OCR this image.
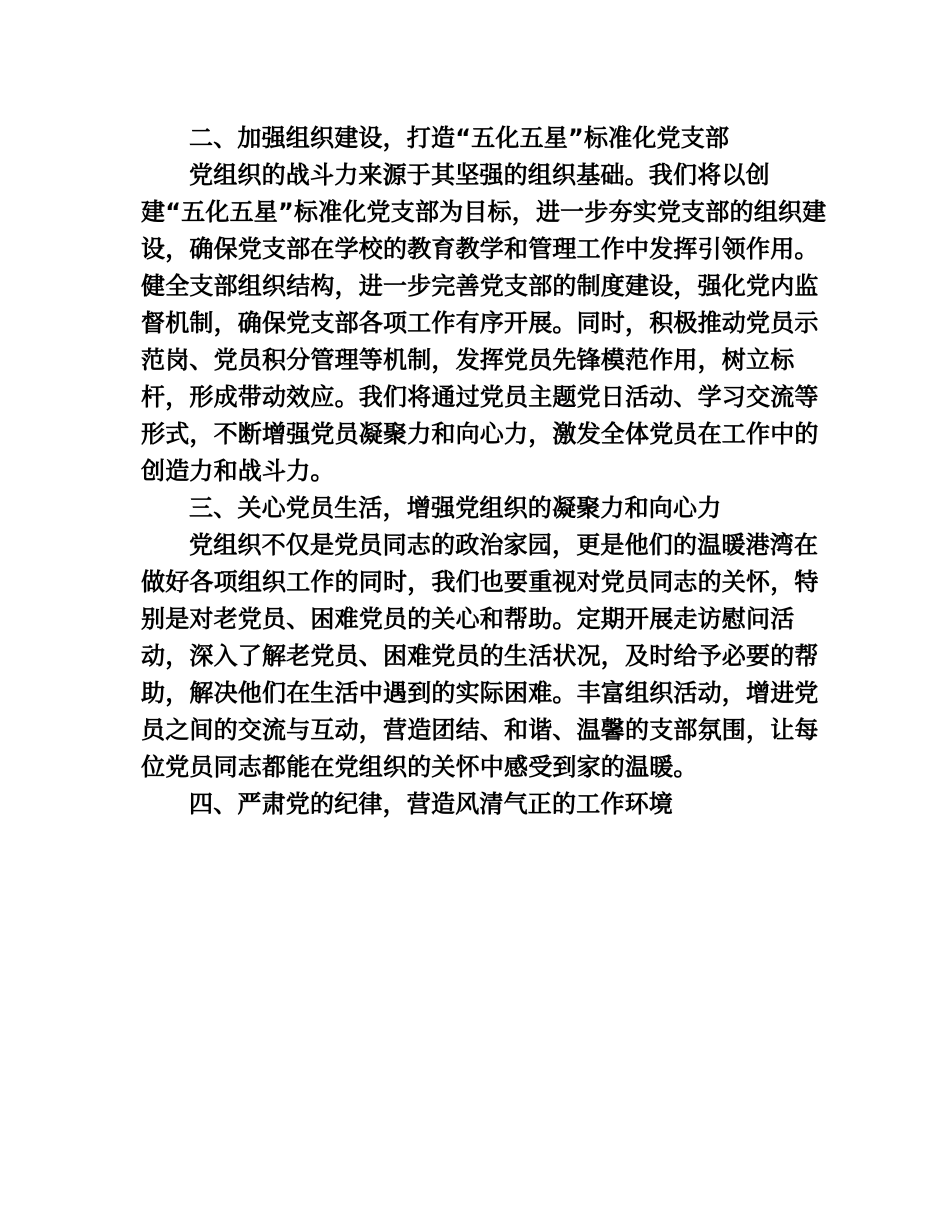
二、加强组织建设，打造“五化五星”标准化党支部

党组织的战斗力来源于其坚强的组织基础。我们将以创建“五化五星”标准化党支部为目标，进一步夯实党支部的组织建设，确保党支部在学校的教育教学和管理工作中发挥引领作用。健全支部组织结构，进一步完善党支部的制度建设，强化党内监督机制，确保党支部各项工作有序开展。同时，积极推动党员示范岗、党员积分管理等机制，发挥党员先锋模范作用，树立标杆，形成带动效应。我们将通过党员主题党日活动、学习交流等形式，不断增强党员凝聚力和向心力，激发全体党员在工作中的创造力和战斗力。

三、关心党员生活，增强党组织的凝聚力和向心力

党组织不仅是党员同志的政治家园，更是他们的温暖港湾在做好各项组织工作的同时，我们也要重视对党员同志的关怀，特别是对老党员、困难党员的关心和帮助。定期开展走访慰问活动，深入了解老党员、困难党员的生活状况，及时给予必要的帮助，解决他们在生活中遇到的实际困难。丰富组织活动，增进党员之间的交流与互动，营造团结、和谐、温馨的支部氛围，让每位党员同志都能在党组织的关怀中感受到家的温暖。

四、严肃党的纪律，营造风清气正的工作环境
